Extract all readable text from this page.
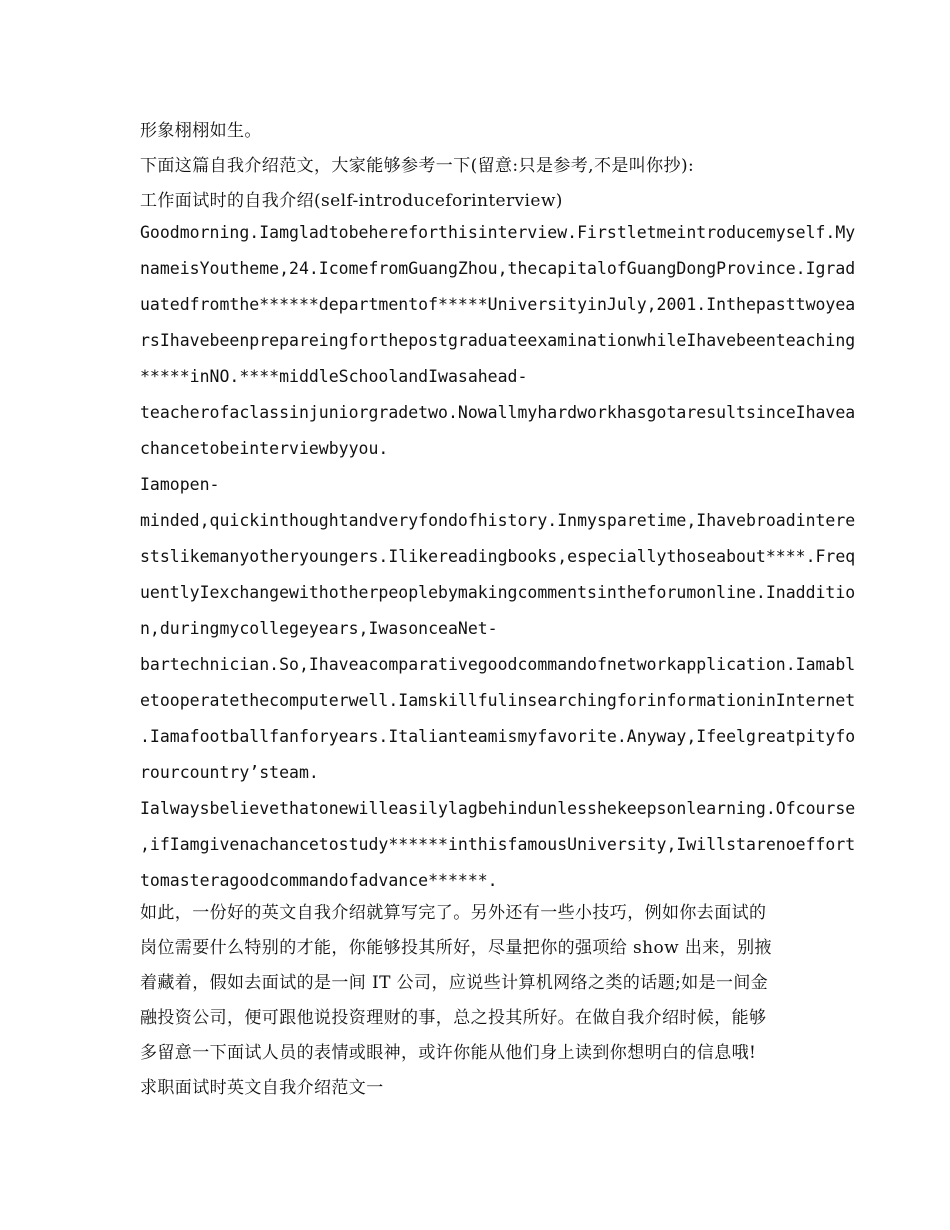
形象栩栩如生。

下面这篇自我介绍范文，大家能够参考一下(留意:只是参考,不是叫你抄):

工作面试时的自我介绍(self-introduceforinterview)

Goodmorning.Iamgladtobehereforthisinterview.Firstletmeintroducemyself.My

nameisYoutheme,24.IcomefromGuangZhou,thecapitalofGuangDongProvince.Igrad

uatedfromthe******departmentof*****UniversityinJuly,2001.Inthepasttwoyea

rsIhavebeenprepareingforthepostgraduateexaminationwhileIhavebeenteaching

*****inNO.****middleSchoolandIwasahead-

teacherofaclassinjuniorgradetwo.NowallmyhardworkhasgotaresultsinceIhavea

chancetobeinterviewbyyou.

Iamopen-

minded,quickinthoughtandveryfondofhistory.Inmysparetime,Ihavebroadintere

stslikemanyotheryoungers.Ilikereadingbooks,especiallythoseabout****.Freq

uentlyIexchangewithotherpeoplebymakingcommentsintheforumonline.Inadditio

n,duringmycollegeyears,IwasonceaNet-

bartechnician.So,Ihaveacomparativegoodcommandofnetworkapplication.Iamabl

etooperatethecomputerwell.IamskillfulinsearchingforinformationinInternet

.Iamafootballfanforyears.Italianteamismyfavorite.Anyway,Ifeelgreatpityfo

rourcountry’steam.

Ialwaysbelievethatonewilleasilylagbehindunlesshekeepsonlearning.Ofcourse

,ifIamgivenachancetostudy******inthisfamousUniversity,Iwillstarenoeffort

tomasteragoodcommandofadvance******.

如此，一份好的英文自我介绍就算写完了。另外还有一些小技巧，例如你去面试的

岗位需要什么特别的才能，你能够投其所好，尽量把你的强项给 show 出来，别掖

着藏着，假如去面试的是一间 IT 公司，应说些计算机网络之类的话题;如是一间金

融投资公司，便可跟他说投资理财的事，总之投其所好。在做自我介绍时候，能够

多留意一下面试人员的表情或眼神，或许你能从他们身上读到你想明白的信息哦!

求职面试时英文自我介绍范文一
